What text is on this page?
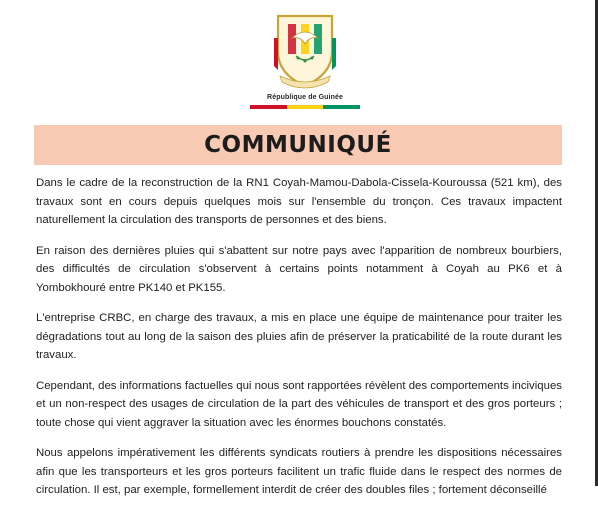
République de Guinée
COMMUNIQUÉ

Dans le cadre de la reconstruction de la RN1 Coyah-Mamou-Dabola-Cissela-Kouroussa (521 km), des travaux sont en cours depuis quelques mois sur l'ensemble du tronçon. Ces travaux impactent naturellement la circulation des transports de personnes et des biens.

En raison des dernières pluies qui s'abattent sur notre pays avec l'apparition de nombreux bourbiers, des difficultés de circulation s'observent à certains points notamment à Coyah au PK6 et à Yombokhouré entre PK140 et PK155.

L'entreprise CRBC, en charge des travaux, a mis en place une équipe de maintenance pour traiter les dégradations tout au long de la saison des pluies afin de préserver la praticabilité de la route durant les travaux.

Cependant, des informations factuelles qui nous sont rapportées révèlent des comportements inciviques et un non-respect des usages de circulation de la part des véhicules de transport et des gros porteurs ; toute chose qui vient aggraver la situation avec les énormes bouchons constatés.

Nous appelons impérativement les différents syndicats routiers à prendre les dispositions nécessaires afin que les transporteurs et les gros porteurs facilitent un trafic fluide dans le respect des normes de circulation. Il est, par exemple, formellement interdit de créer des doubles files ; fortement déconseillé
